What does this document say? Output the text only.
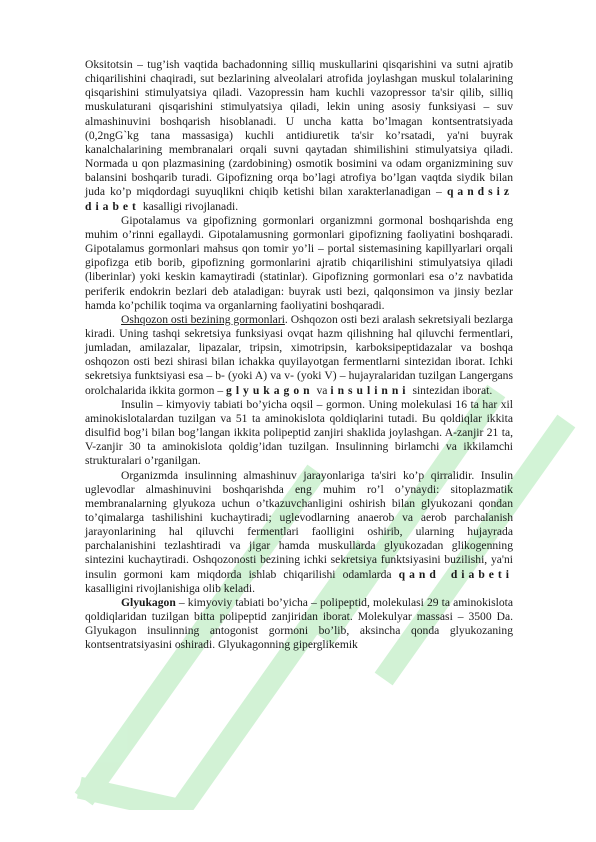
Oksitotsin – tug’ish vaqtida bachadonning silliq muskullarini qisqarishini va sutni ajratib chiqarilishini chaqiradi, sut bezlarining alveolalari atrofida joylashgan muskul tolalarining qisqarishini stimulyatsiya qiladi. Vazopressin ham kuchli vazopressor ta'sir qilib, silliq muskulaturani qisqarishini stimulyatsiya qiladi, lekin uning asosiy funksiyasi – suv almashinuvini boshqarish hisoblanadi. U uncha katta bo’lmagan kontsentratsiyada (0,2ngG`kg tana massasiga) kuchli antidiuretik ta'sir ko’rsatadi, ya'ni buyrak kanalchalarining membranalari orqali suvni qaytadan shimilishini stimulyatsiya qiladi. Normada u qon plazmasining (zardobining) osmotik bosimini va odam organizmining suv balansini boshqarib turadi. Gipofizning orqa bo’lagi atrofiya bo’lgan vaqtda siydik bilan juda ko’p miqdordagi suyuqlikni chiqib ketishi bilan xarakterlanadigan – qandsiz diabet kasalligi rivojlanadi.

Gipotalamus va gipofizning gormonlari organizmni gormonal boshqarishda eng muhim o’rinni egallaydi. Gipotalamusning gormonlari gipofizning faoliyatini boshqaradi. Gipotalamus gormonlari mahsus qon tomir yo’li – portal sistemasining kapillyarlari orqali gipofizga etib borib, gipofizning gormonlarini ajratib chiqarilishini stimulyatsiya qiladi (liberinlar) yoki keskin kamaytiradi (statinlar). Gipofizning gormonlari esa o’z navbatida periferik endokrin bezlari deb ataladigan: buyrak usti bezi, qalqonsimon va jinsiy bezlar hamda ko’pchilik toqima va organlarning faoliyatini boshqaradi.

Oshqozon osti bezining gormonlari. Oshqozon osti bezi aralash sekretsiyali bezlarga kiradi. Uning tashqi sekretsiya funksiyasi ovqat hazm qilishning hal qiluvchi fermentlari, jumladan, amilazalar, lipazalar, tripsin, ximotripsin, karboksipeptidazalar va boshqa oshqozon osti bezi shirasi bilan ichakka quyilayotgan fermentlarni sintezidan iborat. Ichki sekretsiya funktsiyasi esa – b- (yoki A) va v- (yoki V) – hujayralaridan tuzilgan Langergans orolchalarida ikkita gormon – glyukagon va insulinni sintezidan iborat.

Insulin – kimyoviy tabiati bo’yicha oqsil – gormon. Uning molekulasi 16 ta har xil aminokislotalardan tuzilgan va 51 ta aminokislota qoldiqlarini tutadi. Bu qoldiqlar ikkita disulfid bog’i bilan bog’langan ikkita polipeptid zanjiri shaklida joylashgan. A-zanjir 21 ta, V-zanjir 30 ta aminokislota qoldig’idan tuzilgan. Insulinning birlamchi va ikkilamchi strukturalari o’rganilgan.

Organizmda insulinning almashinuv jarayonlariga ta'siri ko’p qirralidir. Insulin uglevodlar almashinuvini boshqarishda eng muhim ro’l o’ynaydi: sitoplazmatik membranalarning glyukoza uchun o’tkazuvchanligini oshirish bilan glyukozani qondan to’qimalarga tashilishini kuchaytiradi; uglevodlarning anaerob va aerob parchalanish jarayonlarining hal qiluvchi fermentlari faolligini oshirib, ularning hujayrada parchalanishini tezlashtiradi va jigar hamda muskullarda glyukozadan glikogenning sintezini kuchaytiradi. Oshqozonosti bezining ichki sekretsiya funktsiyasini buzilishi, ya'ni insulin gormoni kam miqdorda ishlab chiqarilishi odamlarda qand diabeti kasalligini rivojlanishiga olib keladi.

Glyukagon – kimyoviy tabiati bo’yicha – polipeptid, molekulasi 29 ta aminokislota qoldiqlaridan tuzilgan bitta polipeptid zanjiridan iborat. Molekulyar massasi – 3500 Da. Glyukagon insulinning antogonist gormoni bo’lib, aksincha qonda glyukozaning kontsentratsiyasini oshiradi. Glyukagonning giperglikemik
